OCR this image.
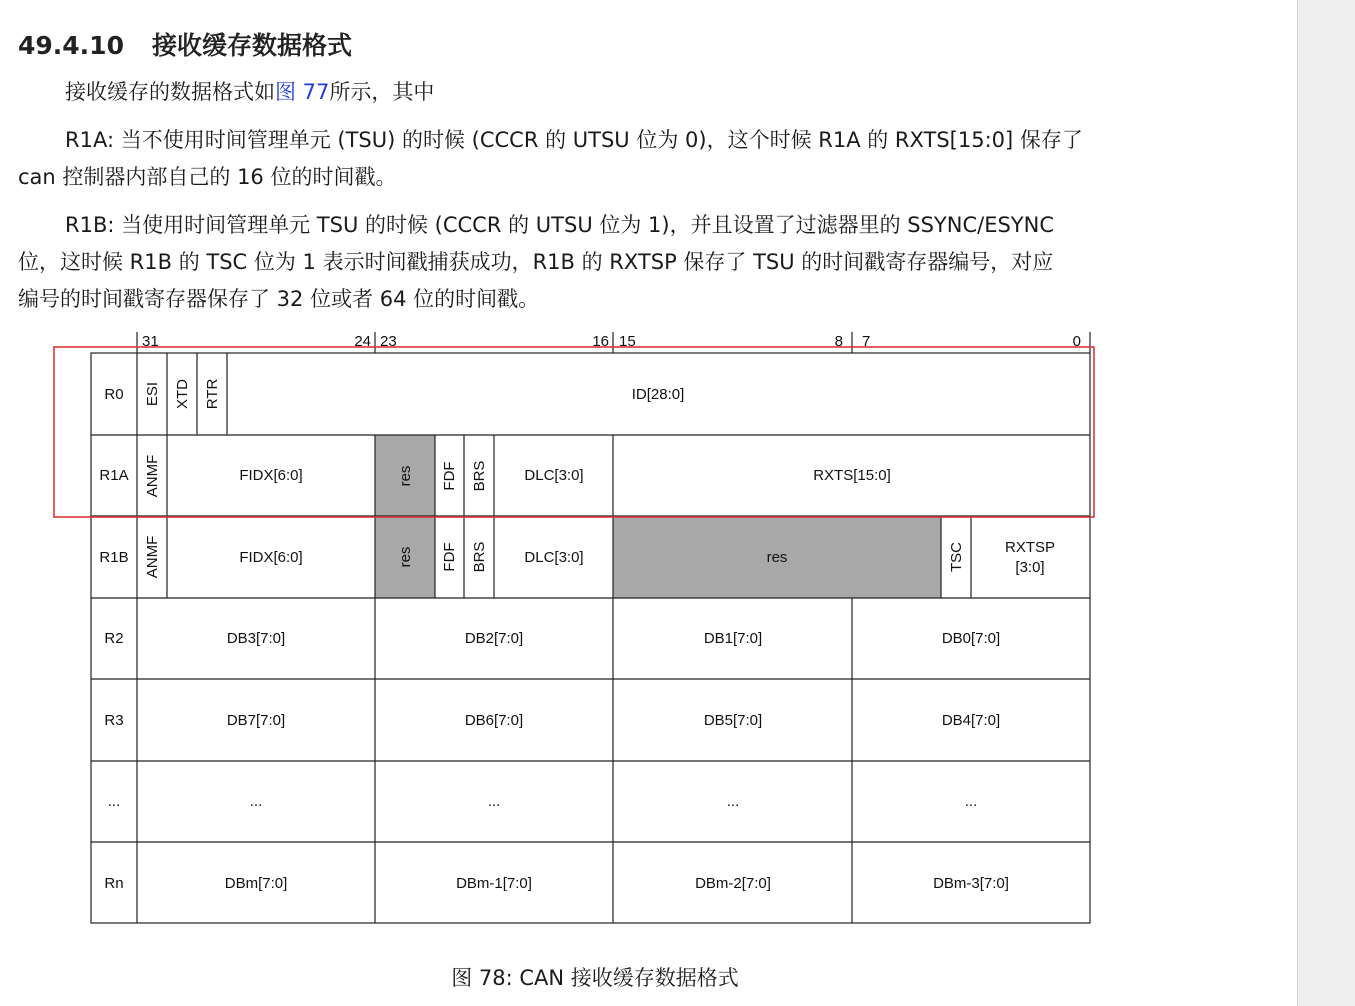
49.4.10 接收缓存数据格式
接收缓存的数据格式如图 77所示，其中
R1A: 当不使用时间管理单元 (TSU) 的时候 (CCCR 的 UTSU 位为 0)，这个时候 R1A 的 RXTS[15:0] 保存了
can 控制器内部自己的 16 位的时间戳。
R1B: 当使用时间管理单元 TSU 的时候 (CCCR 的 UTSU 位为 1)，并且设置了过滤器里的 SSYNC/ESYNC
位，这时候 R1B 的 TSC 位为 1 表示时间戳捕获成功，R1B 的 RXTSP 保存了 TSU 的时间戳寄存器编号，对应
编号的时间戳寄存器保存了 32 位或者 64 位的时间戳。
31	24 23	16 15	8 7	0
R0 ESI XTD RTR	ID[28:0]
R1A ANMF	FIDX[6:0]	res FDF BRS DLC[3:0]	RXTS[15:0]
R1B ANMF	FIDX[6:0]	res FDF BRS DLC[3:0]	res	TSC	RXTSP
[3:0]
R2	DB3[7:0]	DB2[7:0]	DB1[7:0]	DB0[7:0]
R3	DB7[7:0]	DB6[7:0]	DB5[7:0]	DB4[7:0]
...	...	...	...	...
Rn	DBm[7:0]	DBm-1[7:0]	DBm-2[7:0]	DBm-3[7:0]
图 78: CAN 接收缓存数据格式
